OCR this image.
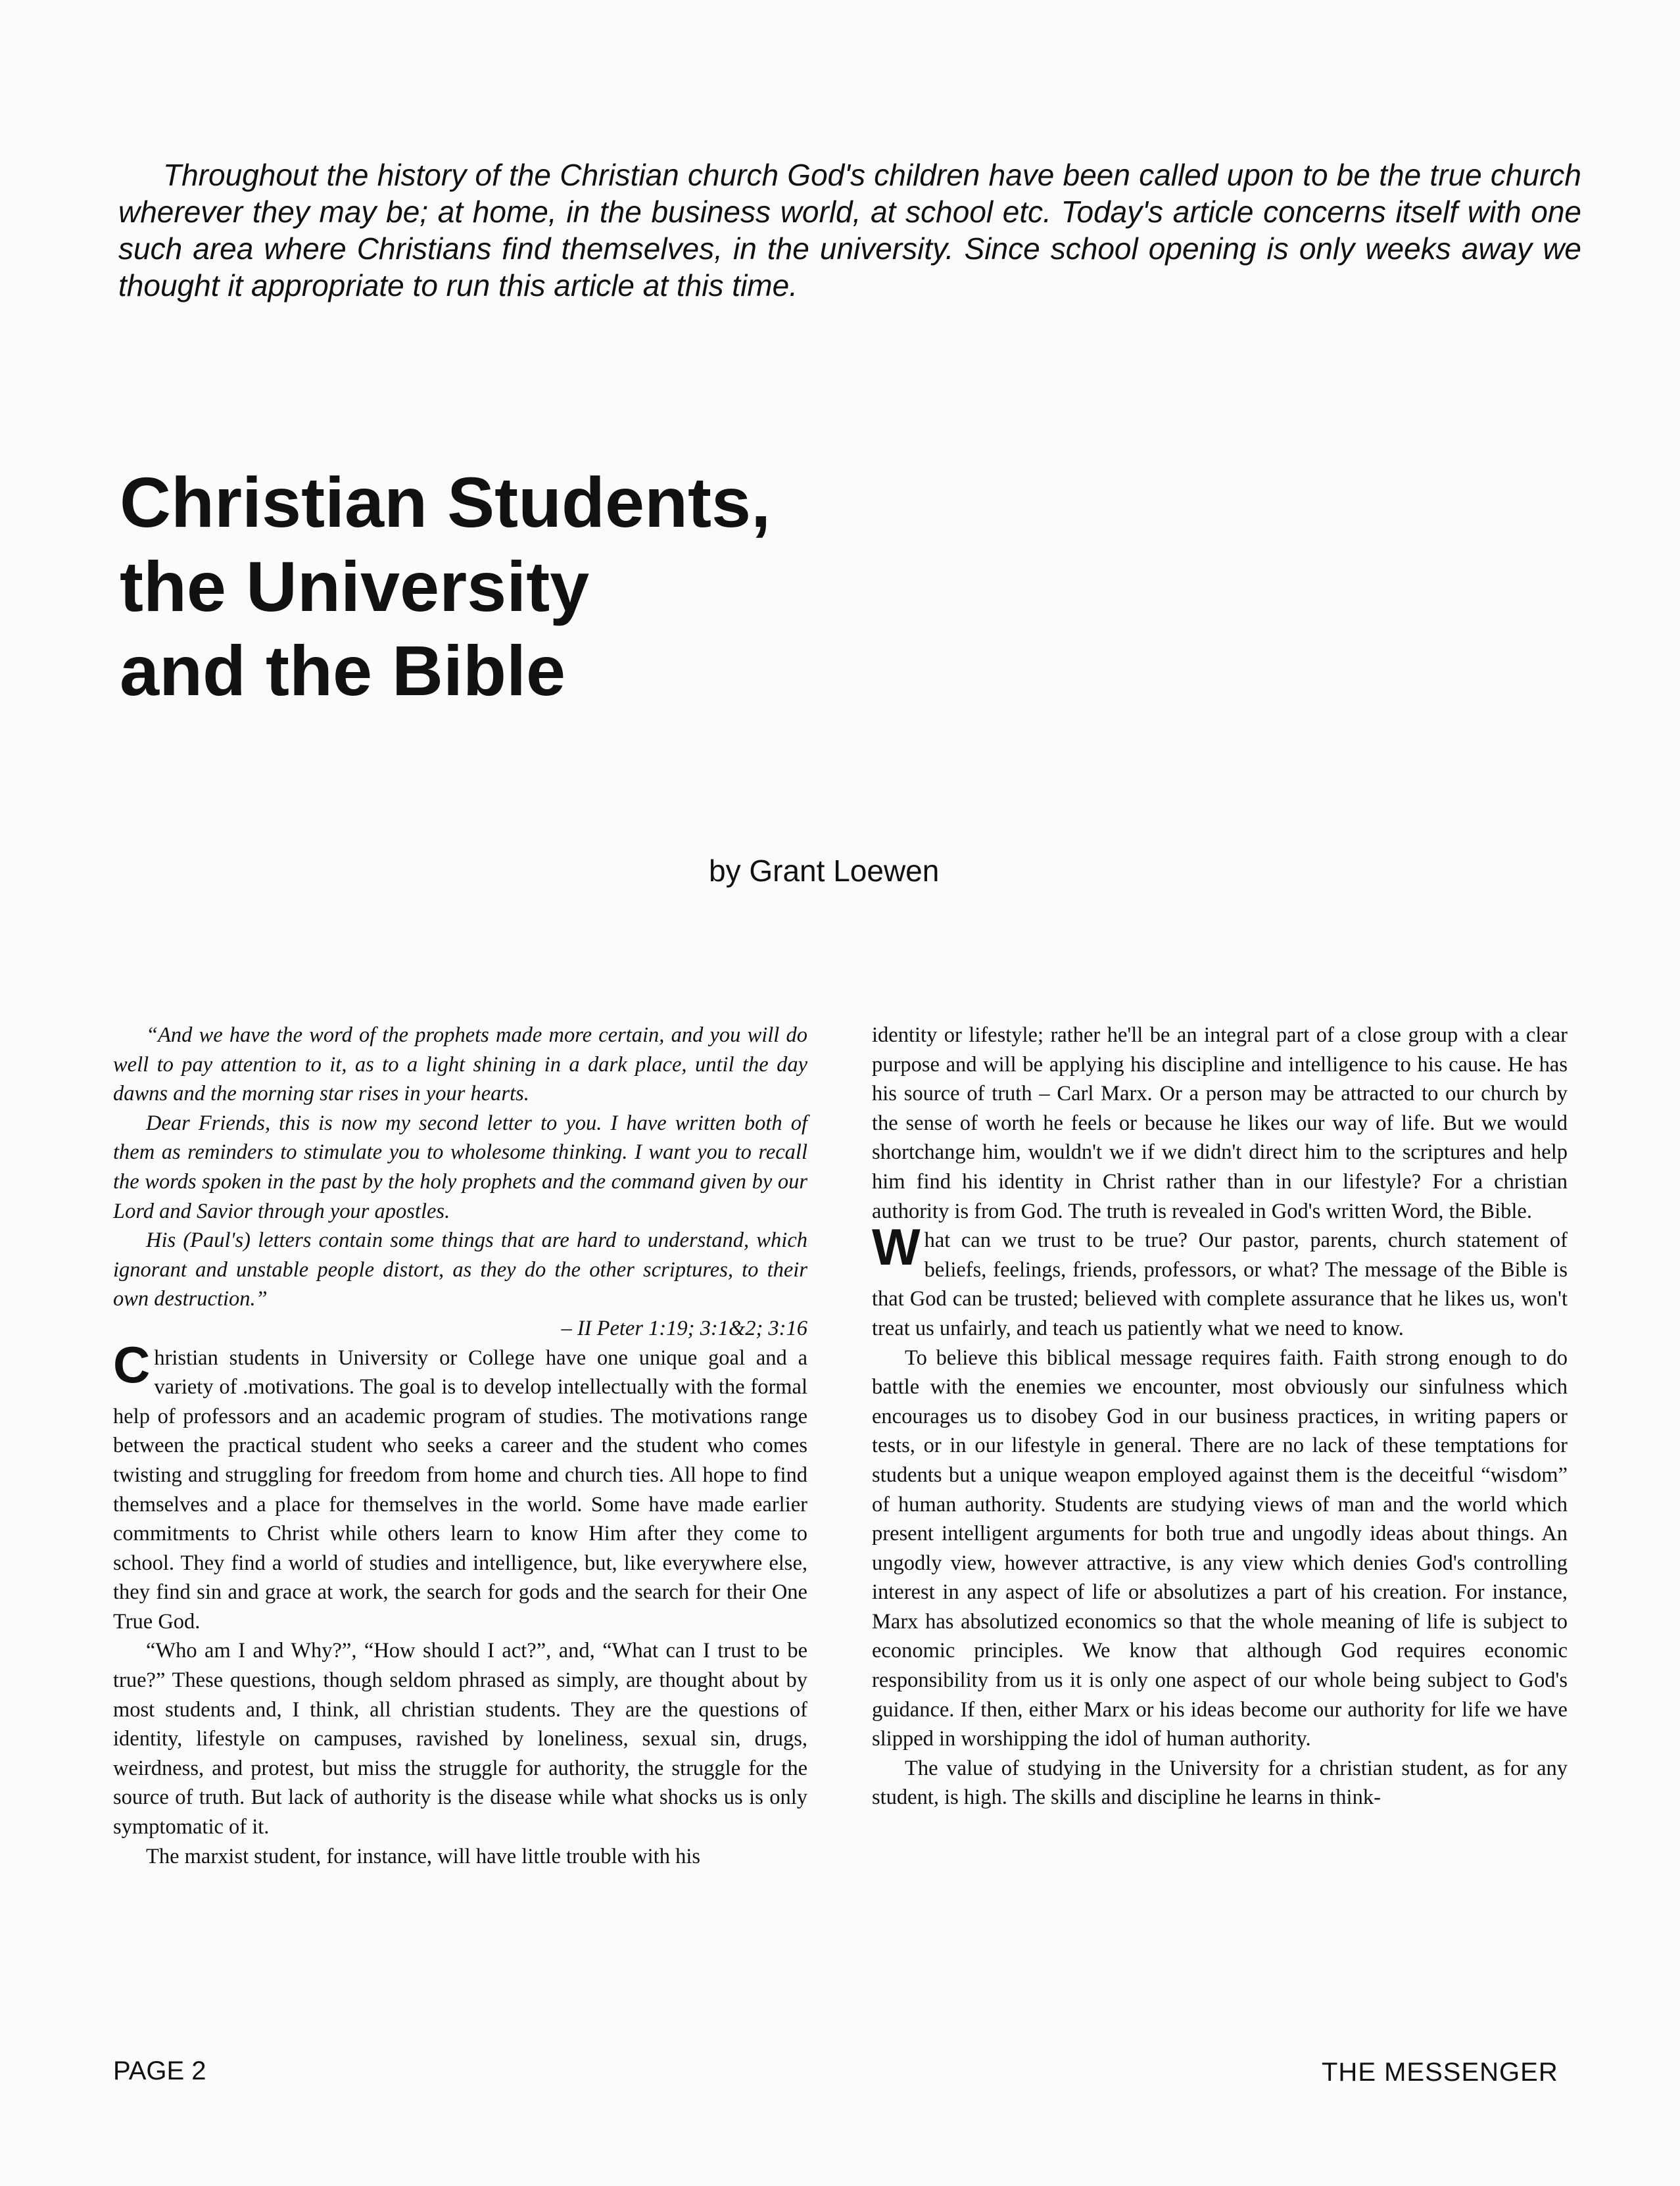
Throughout the history of the Christian church God's children have been called upon to be the true church wherever they may be; at home, in the business world, at school etc. Today's article concerns itself with one such area where Christians find themselves, in the university. Since school opening is only weeks away we thought it appropriate to run this article at this time.

Christian Students,
the University
and the Bible

by Grant Loewen

“And we have the word of the prophets made more certain, and you will do well to pay attention to it, as to a light shining in a dark place, until the day dawns and the morning star rises in your hearts.

Dear Friends, this is now my second letter to you. I have written both of them as reminders to stimulate you to wholesome thinking. I want you to recall the words spoken in the past by the holy prophets and the command given by our Lord and Savior through your apostles.

His (Paul's) letters contain some things that are hard to understand, which ignorant and unstable people distort, as they do the other scriptures, to their own destruction.”

– II Peter 1:19; 3:1&2; 3:16

C hristian students in University or College have one unique goal and a variety of .motivations. The goal is to develop intellectually with the formal help of professors and an academic program of studies. The motivations range between the practical student who seeks a career and the student who comes twisting and struggling for freedom from home and church ties. All hope to find themselves and a place for themselves in the world. Some have made earlier commitments to Christ while others learn to know Him after they come to school. They find a world of studies and intelligence, but, like everywhere else, they find sin and grace at work, the search for gods and the search for their One True God.

“Who am I and Why?”, “How should I act?”, and, “What can I trust to be true?” These questions, though seldom phrased as simply, are thought about by most students and, I think, all christian students. They are the questions of identity, lifestyle on campuses, ravished by loneliness, sexual sin, drugs, weirdness, and protest, but miss the struggle for authority, the struggle for the source of truth. But lack of authority is the disease while what shocks us is only symptomatic of it.

The marxist student, for instance, will have little trouble with his

identity or lifestyle; rather he'll be an integral part of a close group with a clear purpose and will be applying his discipline and intelligence to his cause. He has his source of truth – Carl Marx. Or a person may be attracted to our church by the sense of worth he feels or because he likes our way of life. But we would shortchange him, wouldn't we if we didn't direct him to the scriptures and help him find his identity in Christ rather than in our lifestyle? For a christian authority is from God. The truth is revealed in God's written Word, the Bible.

W hat can we trust to be true? Our pastor, parents, church statement of beliefs, feelings, friends, professors, or what? The message of the Bible is that God can be trusted; believed with complete assurance that he likes us, won't treat us unfairly, and teach us patiently what we need to know.

To believe this biblical message requires faith. Faith strong enough to do battle with the enemies we encounter, most obviously our sinfulness which encourages us to disobey God in our business practices, in writing papers or tests, or in our lifestyle in general. There are no lack of these temptations for students but a unique weapon employed against them is the deceitful “wisdom” of human authority. Students are studying views of man and the world which present intelligent arguments for both true and ungodly ideas about things. An ungodly view, however attractive, is any view which denies God's controlling interest in any aspect of life or absolutizes a part of his creation. For instance, Marx has absolutized economics so that the whole meaning of life is subject to economic principles. We know that although God requires economic responsibility from us it is only one aspect of our whole being subject to God's guidance. If then, either Marx or his ideas become our authority for life we have slipped in worshipping the idol of human authority.

The value of studying in the University for a christian student, as for any student, is high. The skills and discipline he learns in think-

PAGE 2	THE MESSENGER
